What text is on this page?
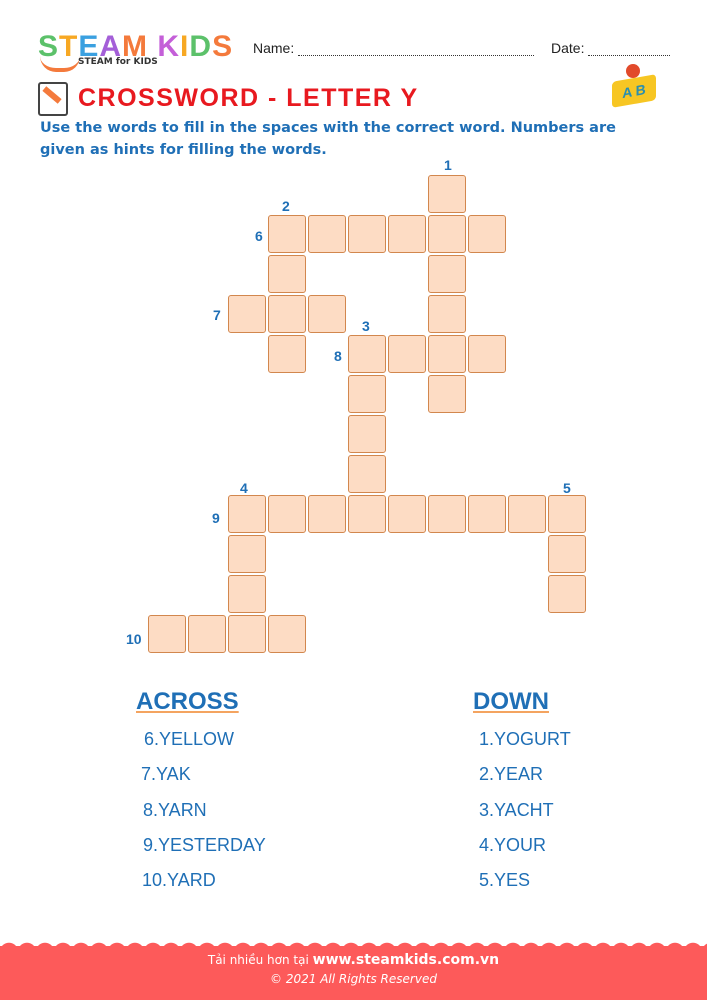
STEAM KIDS
STEAM for KIDS
Name:	Date:
CROSSWORD - LETTER Y	A B
Use the words to fill in the spaces with the correct word. Numbers are given as hints for filling the words.
1
2
3
4	5
6
7
8
9
10
ACROSS	DOWN
6.YELLOW
7.YAK
8.YARN
9.YESTERDAY
10.YARD
1.YOGURT
2.YEAR
3.YACHT
4.YOUR
5.YES
Tải nhiều hơn tại www.steamkids.com.vn
© 2021 All Rights Reserved
